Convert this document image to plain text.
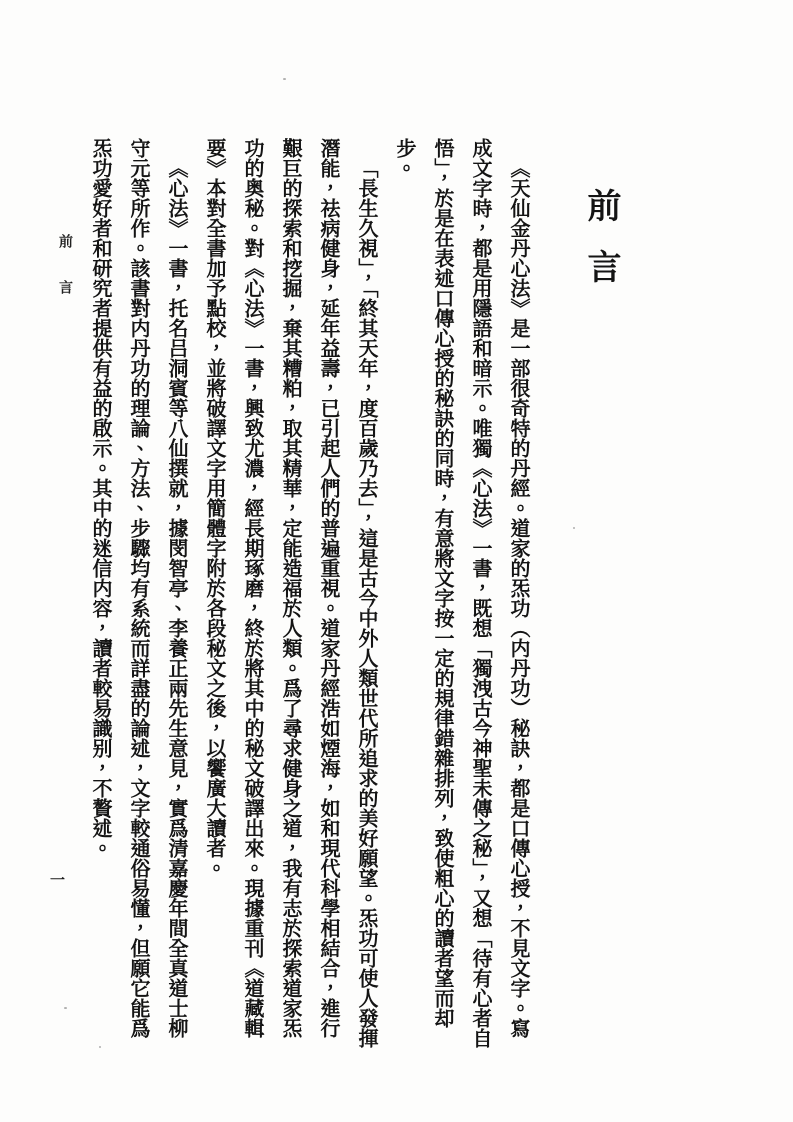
前言
一
前言

《天仙金丹心法》是一部很奇特的丹經。道家的炁功（内丹功）秘訣，都是口傳心授，不見文字。寫成文字時，都是用隱語和暗示。唯獨《心法》一書，既想「獨洩古今神聖未傳之秘」，又想「待有心者自悟」，於是在表述口傳心授的秘訣的同時，有意將文字按一定的規律錯雜排列，致使粗心的讀者望而却步。

「長生久視」，「終其天年，度百歲乃去」，這是古今中外人類世代所追求的美好願望。炁功可使人發揮潛能，祛病健身，延年益壽，已引起人們的普遍重視。道家丹經浩如煙海，如和現代科學相結合，進行艱巨的探索和挖掘，棄其糟粕，取其精華，定能造福於人類。爲了尋求健身之道，我有志於探索道家炁功的奥秘。對《心法》一書，興致尤濃，經長期琢磨，終於將其中的秘文破譯出來。現據重刊《道藏輯要》本對全書加予點校，並將破譯文字用簡體字附於各段秘文之後，以饗廣大讀者。

《心法》一書，托名吕洞賓等八仙撰就，據閔智亭、李養正兩先生意見，實爲清嘉慶年間全真道士柳守元等所作。該書對内丹功的理論、方法、步驟均有系統而詳盡的論述，文字較通俗易懂，但願它能爲炁功愛好者和研究者提供有益的啟示。其中的迷信内容，讀者較易識别，不贅述。
